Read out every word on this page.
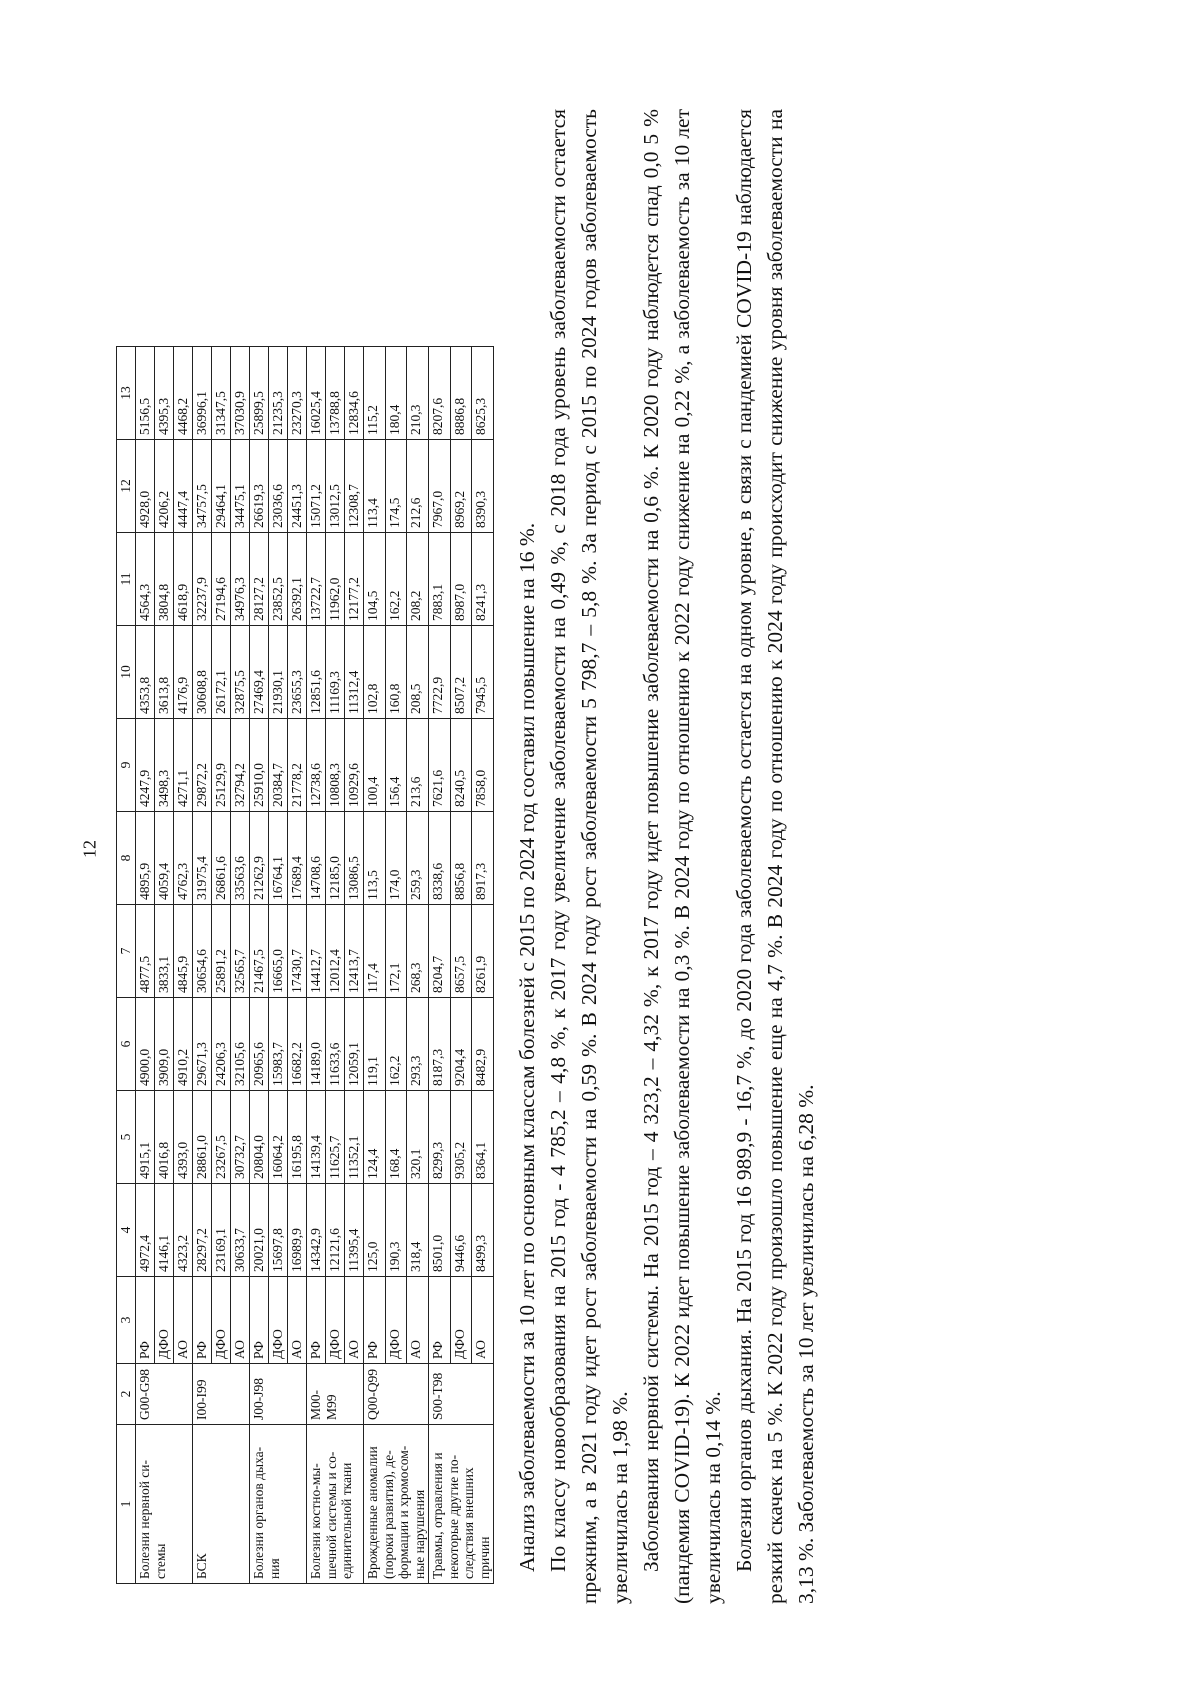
12
1	2	3	4	5	6	7	8	9	10	11	12	13
Болезни нервной си-стемы	G00-G98	РФ	4972,4	4915,1	4900,0	4877,5	4895,9	4247,9	4353,8	4564,3	4928,0	5156,5
		ДФО	4146,1	4016,8	3909,0	3833,1	4059,4	3498,3	3613,8	3804,8	4206,2	4395,3
		АО	4323,2	4393,0	4910,2	4845,9	4762,3	4271,1	4176,9	4618,9	4447,4	4468,2
БСК	I00-I99	РФ	28297,2	28861,0	29671,3	30654,6	31975,4	29872,2	30608,8	32237,9	34757,5	36996,1
		ДФО	23169,1	23267,5	24206,3	25891,2	26861,6	25129,9	26172,1	27194,6	29464,1	31347,5
		АО	30633,7	30732,7	32105,6	32565,7	33563,6	32794,2	32875,5	34976,3	34475,1	37030,9
Болезни органов дыха-ния	J00-J98	РФ	20021,0	20804,0	20965,6	21467,5	21262,9	25910,0	27469,4	28127,2	26619,3	25899,5
		ДФО	15697,8	16064,2	15983,7	16665,0	16764,1	20384,7	21930,1	23852,5	23036,6	21235,3
		АО	16989,9	16195,8	16682,2	17430,7	17689,4	21778,2	23655,3	26392,1	24451,3	23270,3
Болезни костно-мы-шечной системы и со-единительной ткани	M00-M99	РФ	14342,9	14139,4	14189,0	14412,7	14708,6	12738,6	12851,6	13722,7	15071,2	16025,4
		ДФО	12121,6	11625,7	11633,6	12012,4	12185,0	10808,3	11169,3	11962,0	13012,5	13788,8
		АО	11395,4	11352,1	12059,1	12413,7	13086,5	10929,6	11312,4	12177,2	12308,7	12834,6
Врожденные аномалии (пороки развития), де-формации и хромосом-ные нарушения	Q00-Q99	РФ	125,0	124,4	119,1	117,4	113,5	100,4	102,8	104,5	113,4	115,2
		ДФО	190,3	168,4	162,2	172,1	174,0	156,4	160,8	162,2	174,5	180,4
		АО	318,4	320,1	293,3	268,3	259,3	213,6	208,5	208,2	212,6	210,3
Травмы, отравления и некоторые другие по-следствия внешних причин	S00-T98	РФ	8501,0	8299,3	8187,3	8204,7	8338,6	7621,6	7722,9	7883,1	7967,0	8207,6
		ДФО	9446,6	9305,2	9204,4	8657,5	8856,8	8240,5	8507,2	8987,0	8969,2	8886,8
		АО	8499,3	8364,1	8482,9	8261,9	8917,3	7858,0	7945,5	8241,3	8390,3	8625,3

Анализ заболеваемости за 10 лет по основным классам болезней с 2015 по 2024 год составил повышение на 16 %. По классу новообразования на 2015 год - 4 785,2 – 4,8 %, к 2017 году увеличение заболеваемости на 0,49 %, с 2018 года уровень заболеваемости остается прежним, а в 2021 году идет рост заболеваемости на 0,59 %. В 2024 году рост заболеваемости 5 798,7 – 5,8 %. За период с 2015 по 2024 годов заболеваемость увеличилась на 1,98 %. Заболевания нервной системы. На 2015 год – 4 323,2 – 4,32 %, к 2017 году идет повышение заболеваемости на 0,6 %. К 2020 году наблюдется спад 0,0 5 % (пандемия COVID-19). К 2022 идет повышение заболеваемости на 0,3 %. В 2024 году по отношению к 2022 году снижение на 0,22 %, а заболеваемость за 10 лет увеличилась на 0,14 %. Болезни органов дыхания. На 2015 год 16 989,9 - 16,7 %, до 2020 года заболеваемость остается на одном уровне, в связи с пандемией COVID-19 наблюдается резкий скачек на 5 %. К 2022 году произошло повышение еще на 4,7 %. В 2024 году по отношению к 2024 году происходит снижение уровня заболеваемости на 3,13 %. Заболеваемость за 10 лет увеличилась на 6,28 %.
